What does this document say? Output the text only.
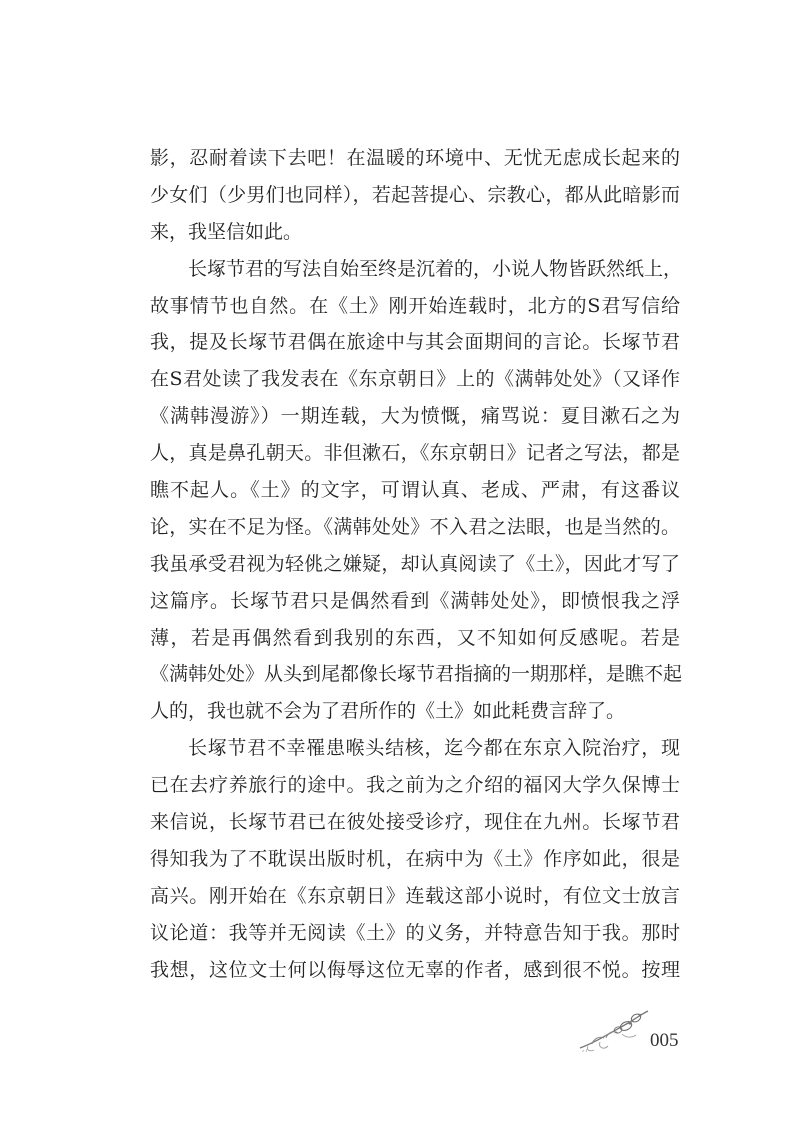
影，忍耐着读下去吧！在温暖的环境中、无忧无虑成长起来的
少女们（少男们也同样），若起菩提心、宗教心，都从此暗影而
来，我坚信如此。
长塚节君的写法自始至终是沉着的，小说人物皆跃然纸上，
故事情节也自然。在《土》刚开始连载时，北方的S君写信给
我，提及长塚节君偶在旅途中与其会面期间的言论。长塚节君
在S君处读了我发表在《东京朝日》上的《满韩处处》（又译作
《满韩漫游》）一期连载，大为愤慨，痛骂说：夏目漱石之为
人，真是鼻孔朝天。非但漱石，《东京朝日》记者之写法，都是
瞧不起人。《土》的文字，可谓认真、老成、严肃，有这番议
论，实在不足为怪。《满韩处处》不入君之法眼，也是当然的。
我虽承受君视为轻佻之嫌疑，却认真阅读了《土》，因此才写了
这篇序。长塚节君只是偶然看到《满韩处处》，即愤恨我之浮
薄，若是再偶然看到我别的东西，又不知如何反感呢。若是
《满韩处处》从头到尾都像长塚节君指摘的一期那样，是瞧不起
人的，我也就不会为了君所作的《土》如此耗费言辞了。
长塚节君不幸罹患喉头结核，迄今都在东京入院治疗，现
已在去疗养旅行的途中。我之前为之介绍的福冈大学久保博士
来信说，长塚节君已在彼处接受诊疗，现住在九州。长塚节君
得知我为了不耽误出版时机，在病中为《土》作序如此，很是
高兴。刚开始在《东京朝日》连载这部小说时，有位文士放言
议论道：我等并无阅读《土》的义务，并特意告知于我。那时
我想，这位文士何以侮辱这位无辜的作者，感到很不悦。按理
005
